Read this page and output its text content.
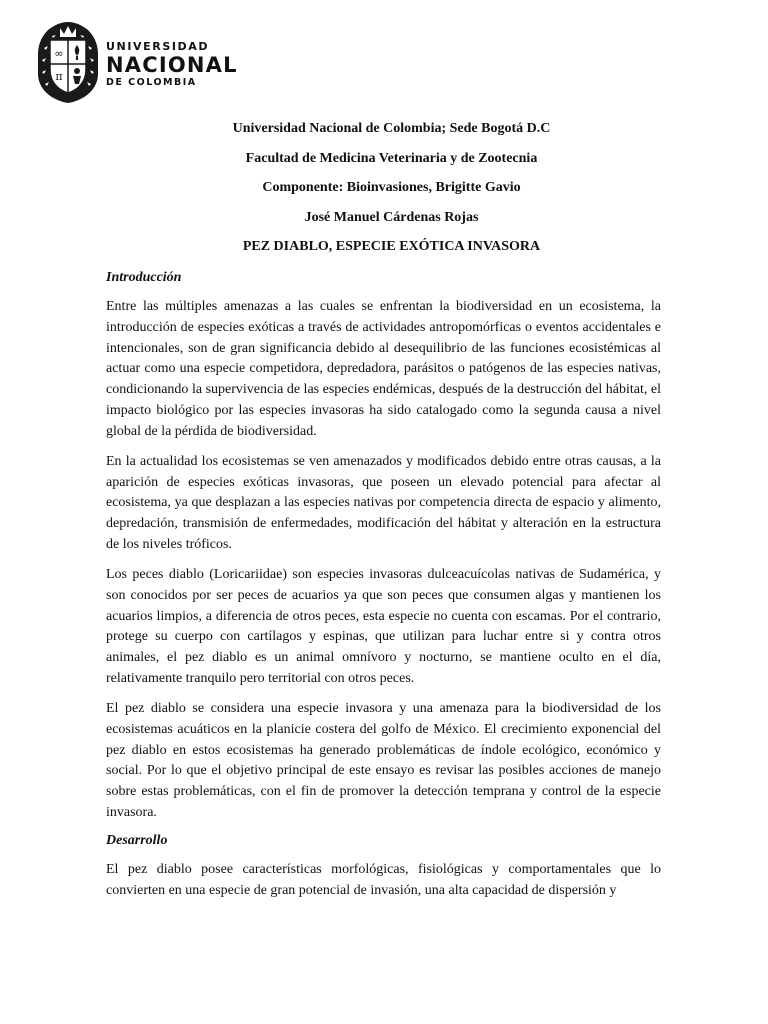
∞
π
UNIVERSIDAD
NACIONAL
DE COLOMBIA
Universidad Nacional de Colombia; Sede Bogotá D.C
Facultad de Medicina Veterinaria y de Zootecnia
Componente: Bioinvasiones, Brigitte Gavio
José Manuel Cárdenas Rojas
PEZ DIABLO, ESPECIE EXÓTICA INVASORA
Introducción

Entre las múltiples amenazas a las cuales se enfrentan la biodiversidad en un ecosistema, la introducción de especies exóticas a través de actividades antropomórficas o eventos accidentales e intencionales, son de gran significancia debido al desequilibrio de las funciones ecosistémicas al actuar como una especie competidora, depredadora, parásitos o patógenos de las especies nativas, condicionando la supervivencia de las especies endémicas, después de la destrucción del hábitat, el impacto biológico por las especies invasoras ha sido catalogado como la segunda causa a nivel global de la pérdida de biodiversidad.

En la actualidad los ecosistemas se ven amenazados y modificados debido entre otras causas, a la aparición de especies exóticas invasoras, que poseen un elevado potencial para afectar al ecosistema, ya que desplazan a las especies nativas por competencia directa de espacio y alimento, depredación, transmisión de enfermedades, modificación del hábitat y alteración en la estructura de los niveles tróficos.

Los peces diablo (Loricariidae) son especies invasoras dulceacuícolas nativas de Sudamérica, y son conocidos por ser peces de acuarios ya que son peces que consumen algas y mantienen los acuarios limpios, a diferencia de otros peces, esta especie no cuenta con escamas. Por el contrario, protege su cuerpo con cartílagos y espinas, que utilizan para luchar entre si y contra otros animales, el pez diablo es un animal omnívoro y nocturno, se mantiene oculto en el día, relativamente tranquilo pero territorial con otros peces.

El pez diablo se considera una especie invasora y una amenaza para la biodiversidad de los ecosistemas acuáticos en la planicie costera del golfo de México. El crecimiento exponencial del pez diablo en estos ecosistemas ha generado problemáticas de índole ecológico, económico y social. Por lo que el objetivo principal de este ensayo es revisar las posibles acciones de manejo sobre estas problemáticas, con el fin de promover la detección temprana y control de la especie invasora.

Desarrollo

El pez diablo posee características morfológicas, fisiológicas y comportamentales que lo convierten en una especie de gran potencial de invasión, una alta capacidad de dispersión y
